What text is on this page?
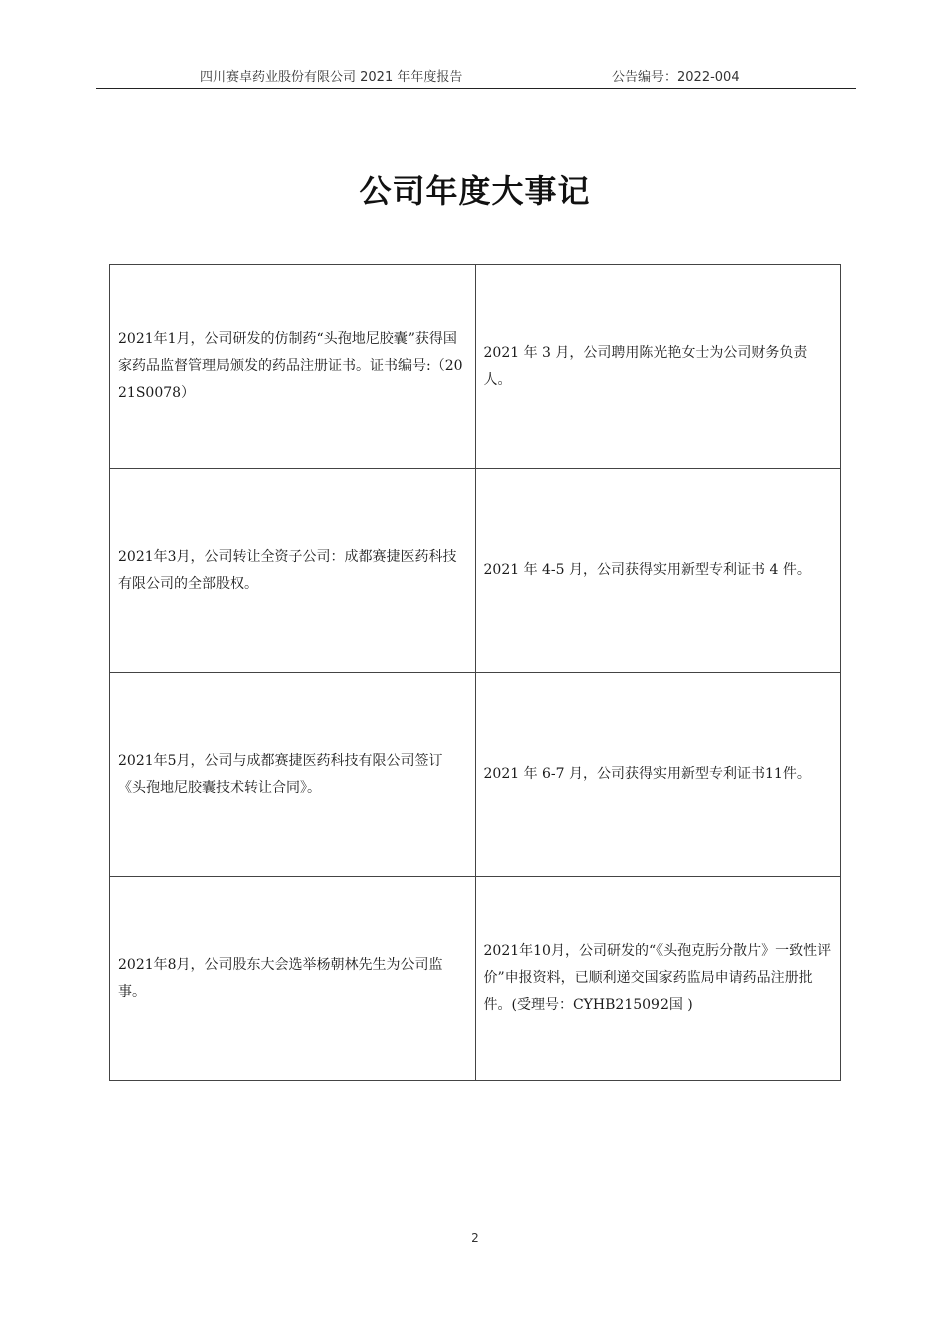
四川赛卓药业股份有限公司 2021 年年度报告	公告编号：2022-004
公司年度大事记
2021年1月，公司研发的仿制药“头孢地尼胶囊”获得国家药品监督管理局颁发的药品注册证书。证书编号:（2021S0078）	2021 年 3 月，公司聘用陈光艳女士为公司财务负责人。
2021年3月，公司转让全资子公司：成都赛捷医药科技有限公司的全部股权。	2021 年 4-5 月，公司获得实用新型专利证书 4 件。
2021年5月，公司与成都赛捷医药科技有限公司签订《头孢地尼胶囊技术转让合同》。	2021 年 6-7 月，公司获得实用新型专利证书11件。
2021年8月，公司股东大会选举杨朝林先生为公司监事。	2021年10月，公司研发的“《头孢克肟分散片》一致性评价”申报资料，已顺利递交国家药监局申请药品注册批件。(受理号：CYHB215092国 )
2
